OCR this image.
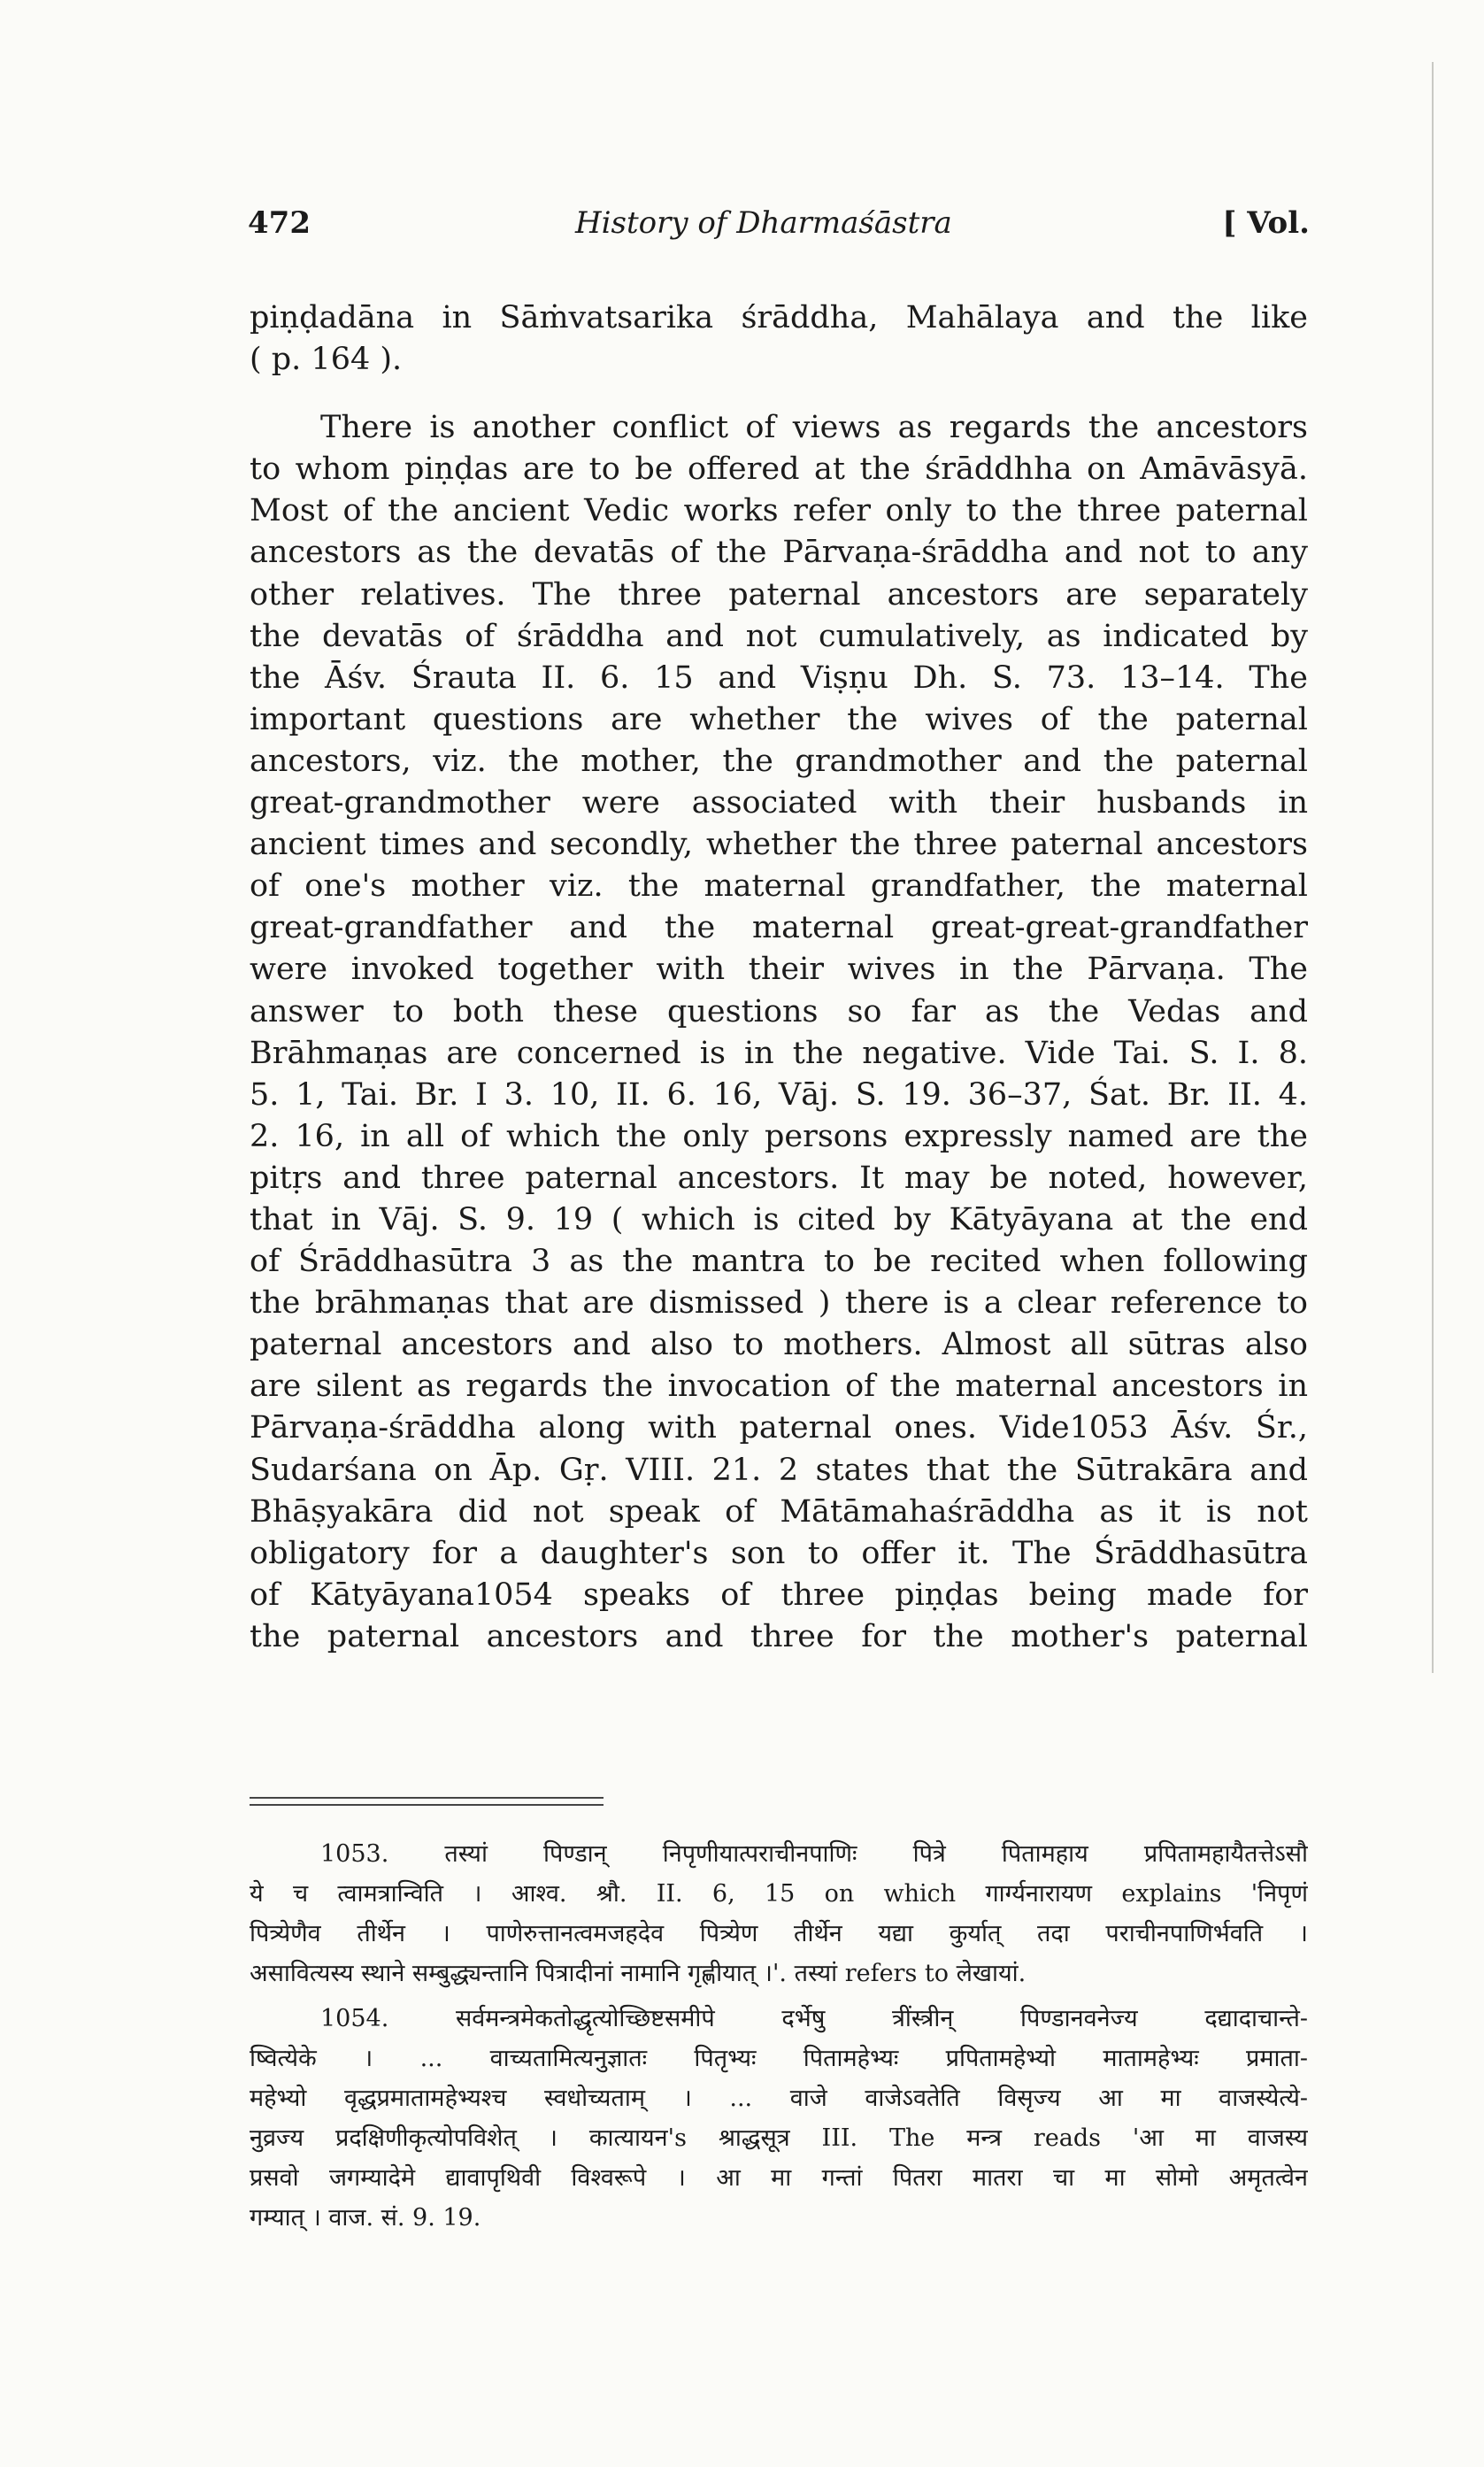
472	History of Dharmaśāstra	[ Vol.
piṇḍadāna in Sāṁvatsarika śrāddha, Mahālaya and the like
( p. 164 ).
There is another conflict of views as regards the ancestors
to whom piṇḍas are to be offered at the śrāddhha on Amāvāsyā.
Most of the ancient Vedic works refer only to the three paternal
ancestors as the devatās of the Pārvaṇa-śrāddha and not to any
other relatives. The three paternal ancestors are separately
the devatās of śrāddha and not cumulatively, as indicated by
the Āśv. Śrauta II. 6. 15 and Viṣṇu Dh. S. 73. 13–14. The
important questions are whether the wives of the paternal
ancestors, viz. the mother, the grandmother and the paternal
great-grandmother were associated with their husbands in
ancient times and secondly, whether the three paternal ancestors
of one's mother viz. the maternal grandfather, the maternal
great-grandfather and the maternal great-great-grandfather
were invoked together with their wives in the Pārvaṇa. The
answer to both these questions so far as the Vedas and
Brāhmaṇas are concerned is in the negative. Vide Tai. S. I. 8.
5. 1, Tai. Br. I 3. 10, II. 6. 16, Vāj. S. 19. 36–37, Śat. Br. II. 4.
2. 16, in all of which the only persons expressly named are the
pitṛs and three paternal ancestors. It may be noted, however,
that in Vāj. S. 9. 19 ( which is cited by Kātyāyana at the end
of Śrāddhasūtra 3 as the mantra to be recited when following
the brāhmaṇas that are dismissed ) there is a clear reference to
paternal ancestors and also to mothers. Almost all sūtras also
are silent as regards the invocation of the maternal ancestors in
Pārvaṇa-śrāddha along with paternal ones. Vide1053 Āśv. Śr.,
Sudarśana on Āp. Gṛ. VIII. 21. 2 states that the Sūtrakāra and
Bhāṣyakāra did not speak of Mātāmahaśrāddha as it is not
obligatory for a daughter's son to offer it. The Śrāddhasūtra
of Kātyāyana1054 speaks of three piṇḍas being made for
the paternal ancestors and three for the mother's paternal
1053. तस्यां पिण्डान् निपृणीयात्पराचीनपाणिः पित्रे पितामहाय प्रपितामहायैतत्तेऽसौ
ये च त्वामत्रान्विति । आश्व. श्रौ. II. 6, 15 on which गार्ग्यनारायण explains 'निपृणं
पित्र्येणैव तीर्थेन । पाणेरुत्तानत्वमजहदेव पित्र्येण तीर्थेन यद्या कुर्यात् तदा पराचीनपाणिर्भवति ।
असावित्यस्य स्थाने सम्बुद्ध्यन्तानि पित्रादीनां नामानि गृह्णीयात् ।'. तस्यां refers to लेखायां.
1054. सर्वमन्त्रमेकतोद्धृत्योच्छिष्टसमीपे दर्भेषु त्रींस्त्रीन् पिण्डानवनेज्य दद्यादाचान्ते-
ष्वित्येके । ... वाच्यतामित्यनुज्ञातः पितृभ्यः पितामहेभ्यः प्रपितामहेभ्यो मातामहेभ्यः प्रमाता-
महेभ्यो वृद्धप्रमातामहेभ्यश्च स्वधोच्यताम् । ... वाजे वाजेऽवतेति विसृज्य आ मा वाजस्येत्ये-
नुव्रज्य प्रदक्षिणीकृत्योपविशेत् । कात्यायन's श्राद्धसूत्र III. The मन्त्र reads 'आ मा वाजस्य
प्रसवो जगम्यादेमे द्यावापृथिवी विश्वरूपे । आ मा गन्तां पितरा मातरा चा मा सोमो अमृतत्वेन
गम्यात् । वाज. सं. 9. 19.
